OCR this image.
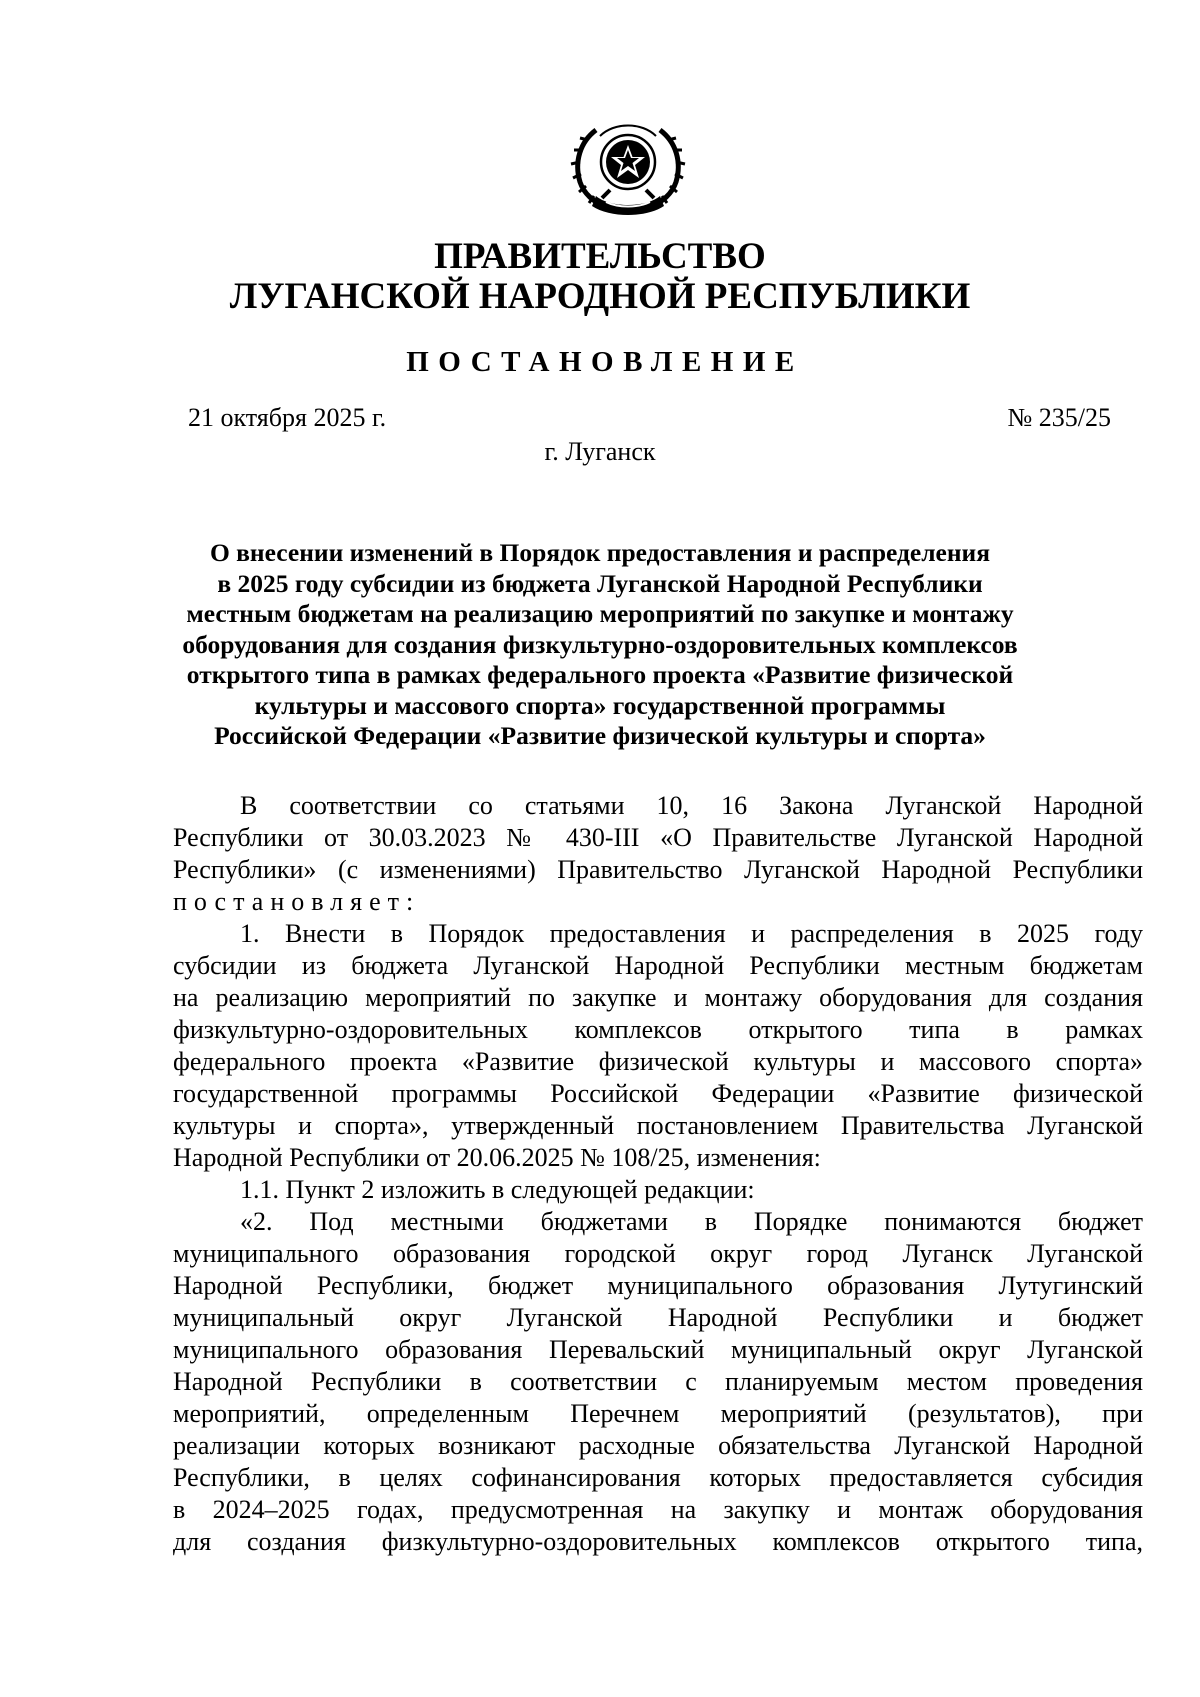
ПРАВИТЕЛЬСТВО
ЛУГАНСКОЙ НАРОДНОЙ РЕСПУБЛИКИ
ПОСТАНОВЛЕНИЕ
21 октября 2025 г.	№ 235/25
г. Луганск
О внесении изменений в Порядок предоставления и распределения
в 2025 году субсидии из бюджета Луганской Народной Республики
местным бюджетам на реализацию мероприятий по закупке и монтажу
оборудования для создания физкультурно-оздоровительных комплексов
открытого типа в рамках федерального проекта «Развитие физической
культуры и массового спорта» государственной программы
Российской Федерации «Развитие физической культуры и спорта»
В соответствии со статьями 10, 16 Закона Луганской Народной
Республики от 30.03.2023 № 430-III «О Правительстве Луганской Народной
Республики» (с изменениями) Правительство Луганской Народной Республики
постановляет:
1. Внести в Порядок предоставления и распределения в 2025 году
субсидии из бюджета Луганской Народной Республики местным бюджетам
на реализацию мероприятий по закупке и монтажу оборудования для создания
физкультурно-оздоровительных комплексов открытого типа в рамках
федерального проекта «Развитие физической культуры и массового спорта»
государственной программы Российской Федерации «Развитие физической
культуры и спорта», утвержденный постановлением Правительства Луганской
Народной Республики от 20.06.2025 № 108/25, изменения:
1.1. Пункт 2 изложить в следующей редакции:
«2. Под местными бюджетами в Порядке понимаются бюджет
муниципального образования городской округ город Луганск Луганской
Народной Республики, бюджет муниципального образования Лутугинский
муниципальный округ Луганской Народной Республики и бюджет
муниципального образования Перевальский муниципальный округ Луганской
Народной Республики в соответствии с планируемым местом проведения
мероприятий, определенным Перечнем мероприятий (результатов), при
реализации которых возникают расходные обязательства Луганской Народной
Республики, в целях софинансирования которых предоставляется субсидия
в 2024–2025 годах, предусмотренная на закупку и монтаж оборудования
для создания физкультурно-оздоровительных комплексов открытого типа,
